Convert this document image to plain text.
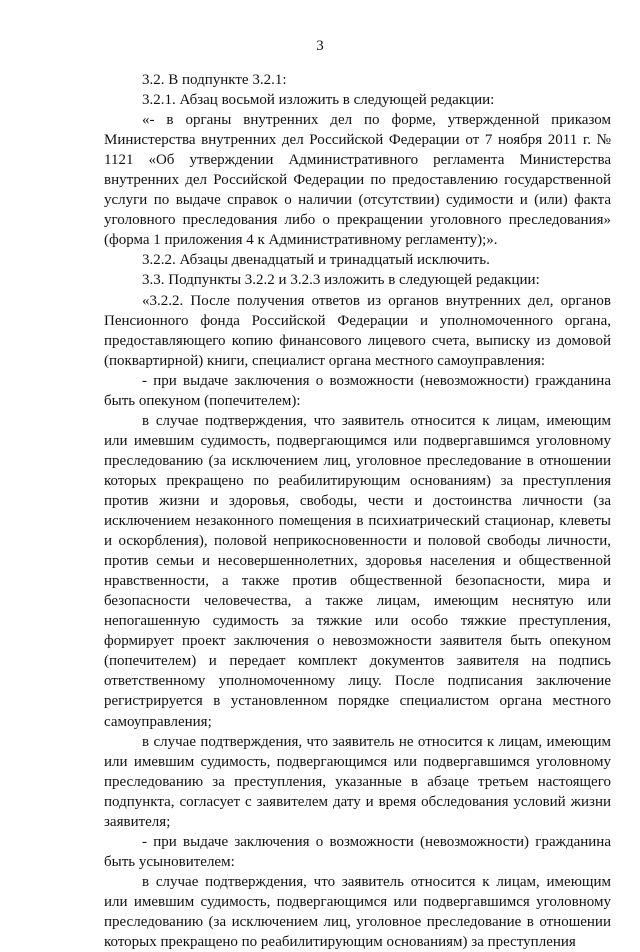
3

3.2. В подпункте 3.2.1:

3.2.1. Абзац восьмой изложить в следующей редакции:

«- в органы внутренних дел по форме, утвержденной приказом Министерства внутренних дел Российской Федерации от 7 ноября 2011 г. № 1121 «Об утверждении Административного регламента Министерства внутренних дел Российской Федерации по предоставлению государственной услуги по выдаче справок о наличии (отсутствии) судимости и (или) факта уголовного преследования либо о прекращении уголовного преследования» (форма 1 приложения 4 к Административному регламенту);».

3.2.2. Абзацы двенадцатый и тринадцатый исключить.

3.3. Подпункты 3.2.2 и 3.2.3 изложить в следующей редакции:

«3.2.2. После получения ответов из органов внутренних дел, органов Пенсионного фонда Российской Федерации и уполномоченного органа, предоставляющего копию финансового лицевого счета, выписку из домовой (поквартирной) книги, специалист органа местного самоуправления:

- при выдаче заключения о возможности (невозможности) гражданина быть опекуном (попечителем):

в случае подтверждения, что заявитель относится к лицам, имеющим или имевшим судимость, подвергающимся или подвергавшимся уголовному преследованию (за исключением лиц, уголовное преследование в отношении которых прекращено по реабилитирующим основаниям) за преступления против жизни и здоровья, свободы, чести и достоинства личности (за исключением незаконного помещения в психиатрический стационар, клеветы и оскорбления), половой неприкосновенности и половой свободы личности, против семьи и несовершеннолетних, здоровья населения и общественной нравственности, а также против общественной безопасности, мира и безопасности человечества, а также лицам, имеющим неснятую или непогашенную судимость за тяжкие или особо тяжкие преступления, формирует проект заключения о невозможности заявителя быть опекуном (попечителем) и передает комплект документов заявителя на подпись ответственному уполномоченному лицу. После подписания заключение регистрируется в установленном порядке специалистом органа местного самоуправления;

в случае подтверждения, что заявитель не относится к лицам, имеющим или имевшим судимость, подвергающимся или подвергавшимся уголовному преследованию за преступления, указанные в абзаце третьем настоящего подпункта, согласует с заявителем дату и время обследования условий жизни заявителя;

- при выдаче заключения о возможности (невозможности) гражданина быть усыновителем:

в случае подтверждения, что заявитель относится к лицам, имеющим или имевшим судимость, подвергающимся или подвергавшимся уголовному преследованию (за исключением лиц, уголовное преследование в отношении которых прекращено по реабилитирующим основаниям) за преступления
